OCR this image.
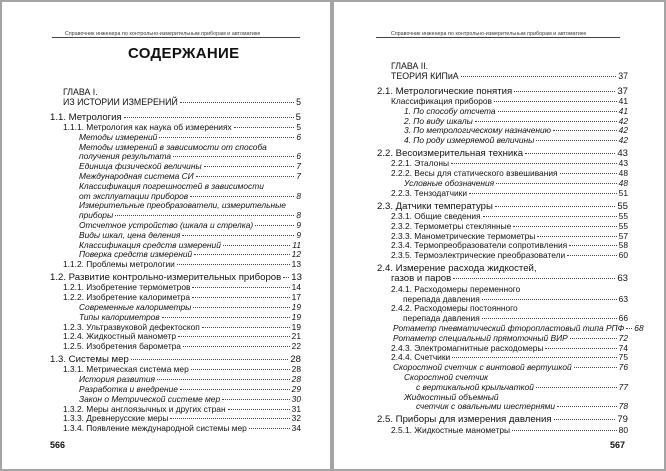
Справочник инженера по контрольно-измерительным приборам и автоматике
СОДЕРЖАНИЕ
ГЛАВА I.
ИЗ ИСТОРИИ ИЗМЕРЕНИЙ	5
1.1. Метрология	5
1.1.1. Метрология как наука об измерениях	5
Методы измерений	6
Методы измерений в зависимости от способа
получения результата	6
Единица физической величины	7
Международная система СИ	7
Классификация погрешностей в зависимости
от эксплуатации приборов	8
Измерительные преобразователи, измерительные
приборы	8
Отсчетное устройство (шкала и стрелка)	9
Виды шкал, цена деления	9
Классификация средств измерений	11
Поверка средств измерений	12
1.1.2. Проблемы метрологии	13
1.2. Развитие контрольно-измерительных приборов 13
1.2.1. Изобретение термометров	14
1.2.2. Изобретение калориметра	17
Современные калориметры	19
Типы калориметров	19
1.2.3. Ультразвуковой дефектоскоп	19
1.2.4. Жидкостный манометр	21
1.2.5. Изобретения барометра	22
1.3. Системы мер	28
1.3.1. Метрическая система мер	28
История развития	28
Разработка и внедрение	29
Закон о Метрической системе мер	30
1.3.2. Меры англоязычных и других стран	31
1.3.3. Древнерусские меры	32
1.3.4. Появление международной системы мер	34
566
Справочник инженера по контрольно-измерительным приборам и автоматике
ГЛАВА II.
ТЕОРИЯ КИПиА	37
2.1. Метрологические понятия	37
Классификация приборов	41
1. По способу отсчета	41
2. По виду шкалы	42
3. По метрологическому назначению	42
4. По роду измеряемой величины	42
2.2. Весоизмерительная техника	43
2.2.1. Эталоны	43
2.2.2. Весы для статического взвешивания	48
Условные обозначения	48
2.2.3. Тензодатчики	51
2.3. Датчики температуры	55
2.3.1. Общие сведения	55
2.3.2. Термометры стеклянные	55
2.3.3. Манометрические термометры	57
2.3.4. Термопреобразователи сопротивления	58
2.3.5. Термоэлектрические преобразователи	60
2.4. Измерение расхода жидкостей,
газов и паров	63
2.4.1. Расходомеры переменного
перепада давления	63
2.4.2. Расходомеры постоянного
перепада давления	66
Ротаметр пневматический фторопластовый типа РПФ 68
Ротаметр специальный прямоточный ВИР	72
2.4.3. Электромагнитные расходомеры	74
2.4.4. Счетчики	75
Скоростной счетчик с винтовой вертушкой	76
Скоростной счетчик
с вертикальной крыльчаткой	77
Жидкостный объемный
счетчик с овальными шестернями	78
2.5. Приборы для измерения давления	79
2.5.1. Жидкостные манометры	80
567
